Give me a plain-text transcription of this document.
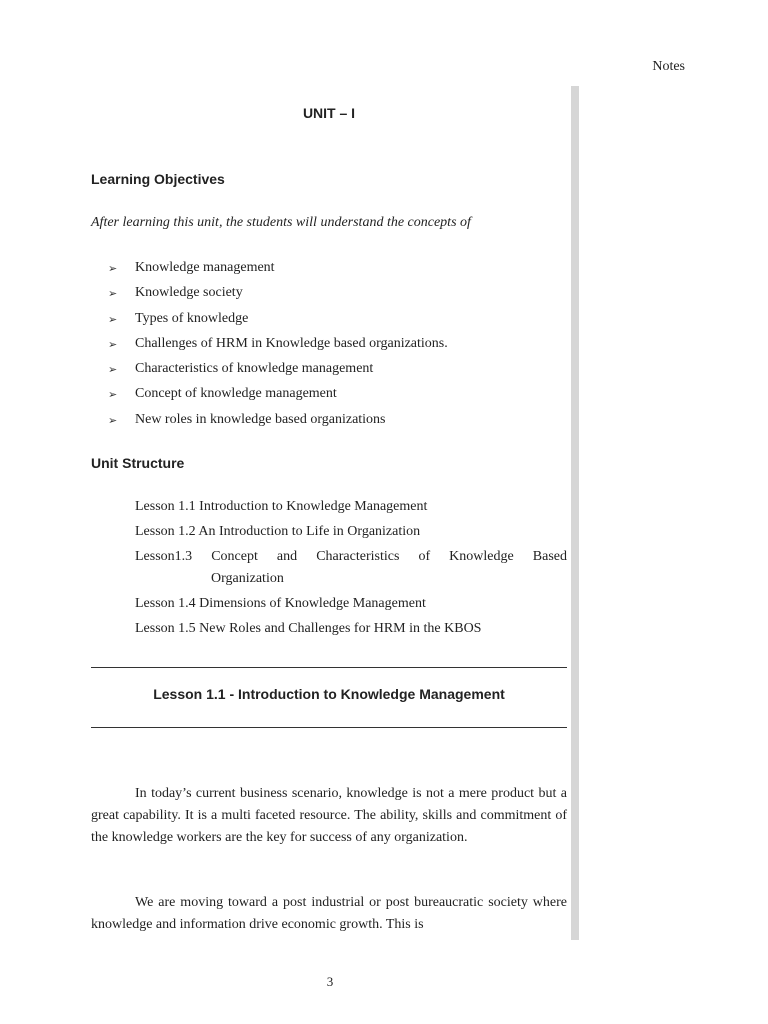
Notes
UNIT – I
Learning Objectives
After learning this unit, the students will understand the concepts of
➢	Knowledge management
➢	Knowledge society
➢	Types of knowledge
➢	Challenges of HRM in Knowledge based organizations.
➢	Characteristics of knowledge management
➢	Concept of knowledge management
➢	New roles in knowledge based organizations
Unit Structure
Lesson 1.1 Introduction to Knowledge Management
Lesson 1.2 An Introduction to Life in Organization
Lesson1.3 Concept and Characteristics of Knowledge Based
Organization
Lesson 1.4 Dimensions of Knowledge Management
Lesson 1.5 New Roles and Challenges for HRM in the KBOS
Lesson 1.1 - Introduction to Knowledge Management

In today’s current business scenario, knowledge is not a mere product but a great capability. It is a multi faceted resource. The ability, skills and commitment of the knowledge workers are the key for success of any organization.

We are moving toward a post industrial or post bureaucratic society where knowledge and information drive economic growth. This is

3
